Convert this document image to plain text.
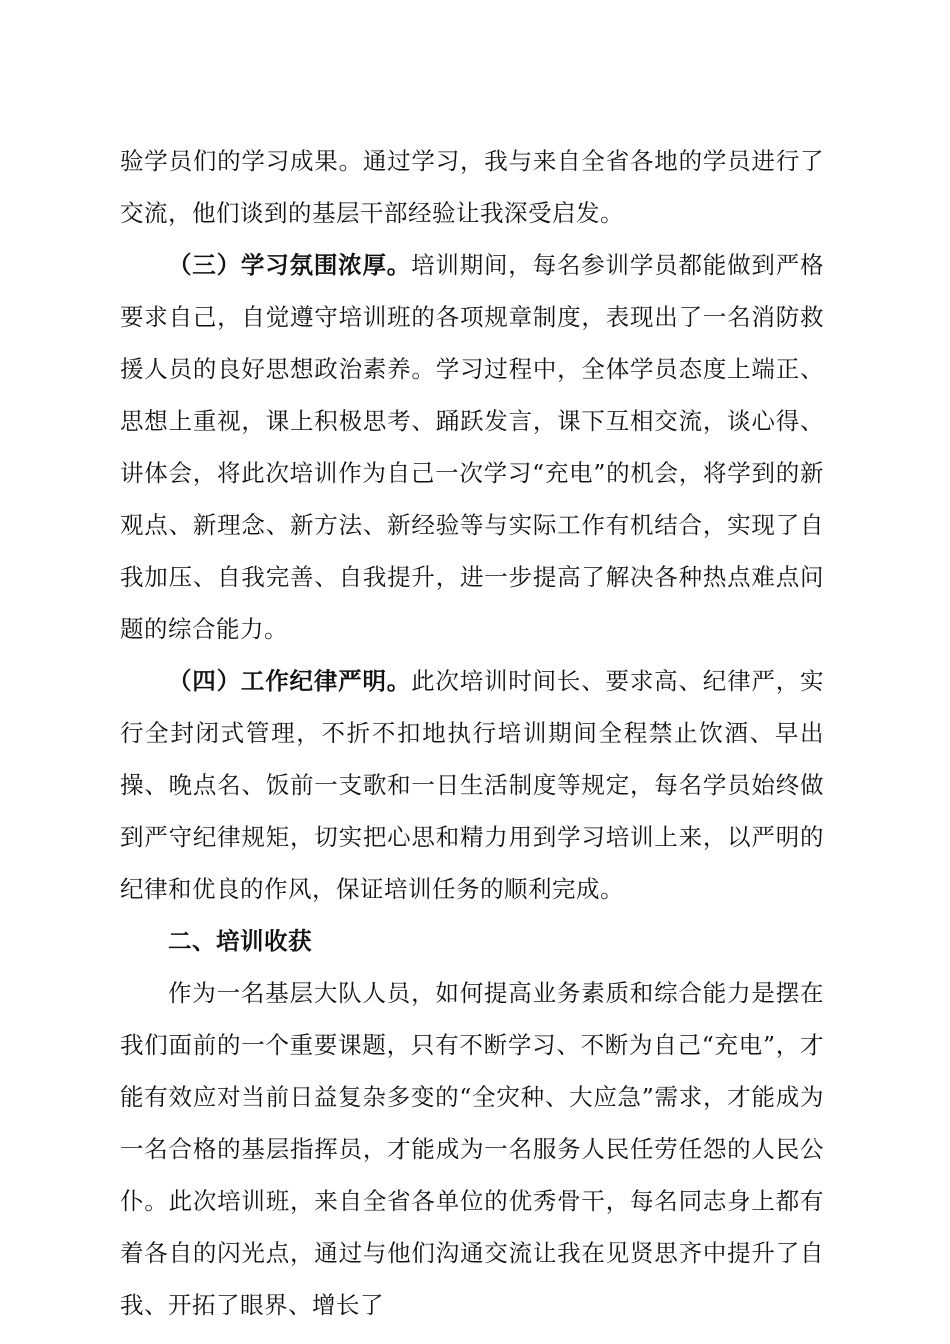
验学员们的学习成果。通过学习，我与来自全省各地的学员进行了交流，他们谈到的基层干部经验让我深受启发。

（三）学习氛围浓厚。培训期间，每名参训学员都能做到严格要求自己，自觉遵守培训班的各项规章制度，表现出了一名消防救援人员的良好思想政治素养。学习过程中，全体学员态度上端正、思想上重视，课上积极思考、踊跃发言，课下互相交流，谈心得、讲体会，将此次培训作为自己一次学习“充电”的机会，将学到的新观点、新理念、新方法、新经验等与实际工作有机结合，实现了自我加压、自我完善、自我提升，进一步提高了解决各种热点难点问题的综合能力。

（四）工作纪律严明。此次培训时间长、要求高、纪律严，实行全封闭式管理，不折不扣地执行培训期间全程禁止饮酒、早出操、晚点名、饭前一支歌和一日生活制度等规定，每名学员始终做到严守纪律规矩，切实把心思和精力用到学习培训上来，以严明的纪律和优良的作风，保证培训任务的顺利完成。

二、培训收获

作为一名基层大队人员，如何提高业务素质和综合能力是摆在我们面前的一个重要课题，只有不断学习、不断为自己“充电”，才能有效应对当前日益复杂多变的“全灾种、大应急”需求，才能成为一名合格的基层指挥员，才能成为一名服务人民任劳任怨的人民公仆。此次培训班，来自全省各单位的优秀骨干，每名同志身上都有着各自的闪光点，通过与他们沟通交流让我在见贤思齐中提升了自我、开拓了眼界、增长了
